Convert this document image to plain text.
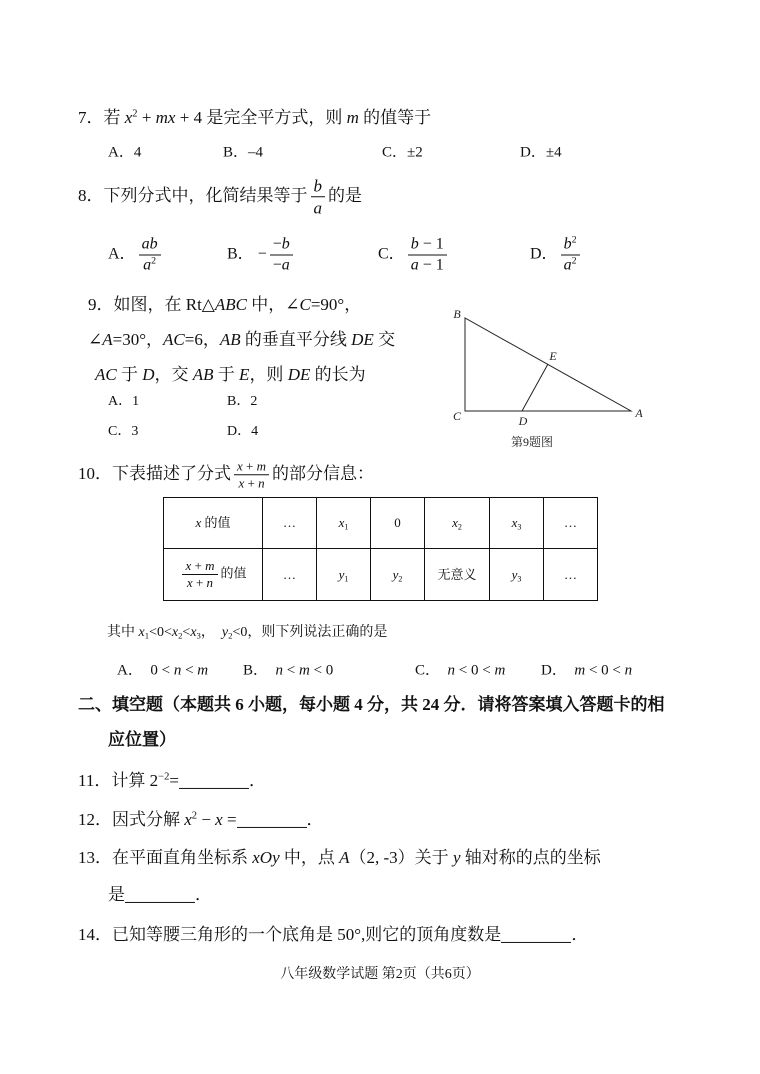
7．若 $x^2$ + mx + 4 是完全平方式，则 m 的值等于
A．4	B．–4	C．±2	D．±4
8．下列分式中，化简结果等于 $\frac{b}{a}$ 的是
A． $\frac{ab}{a^2}$	B． − $\frac{-b}{-a}$	C． $\frac{b - 1}{a - 1}$	D． $\frac{b^2}{a^2}$
9．如图，在 Rt△ABC 中，∠C=90°，
∠A=30°，AC=6，AB 的垂直平分线 DE 交
AC 于 D，交 AB 于 E，则 DE 的长为
A．1	B．2
C．3	D．4
B
C	A
E
D
第9题图
10．下表描述了分式 $\frac{x + m}{x + n}$ 的部分信息：
x 的值	…	$x_1$	0	$x_2$	$x_3$	…

$\frac{x + m}{x + n}$ 的值	…	$y_1$	$y_2$	无意义	$y_3$	…
其中 $x_1<0<x_2<x_3$，  $y_2<0$，则下列说法正确的是
A．  0 < n < m B．  n < m < 0	C．  n < 0 < m D．  m < 0 < n
二、填空题（本题共 6 小题，每小题 4 分，共 24 分．请将答案填入答题卡的相
应位置）
11．计算 $2^{-2}=$	．
12．因式分解 $x^2 - x$ =	．
13．在平面直角坐标系 xOy 中，点 A（2, -3）关于 y 轴对称的点的坐标
是	．
14．已知等腰三角形的一个底角是 50°,则它的顶角度数是	．
八年级数学试题 第2页（共6页）
